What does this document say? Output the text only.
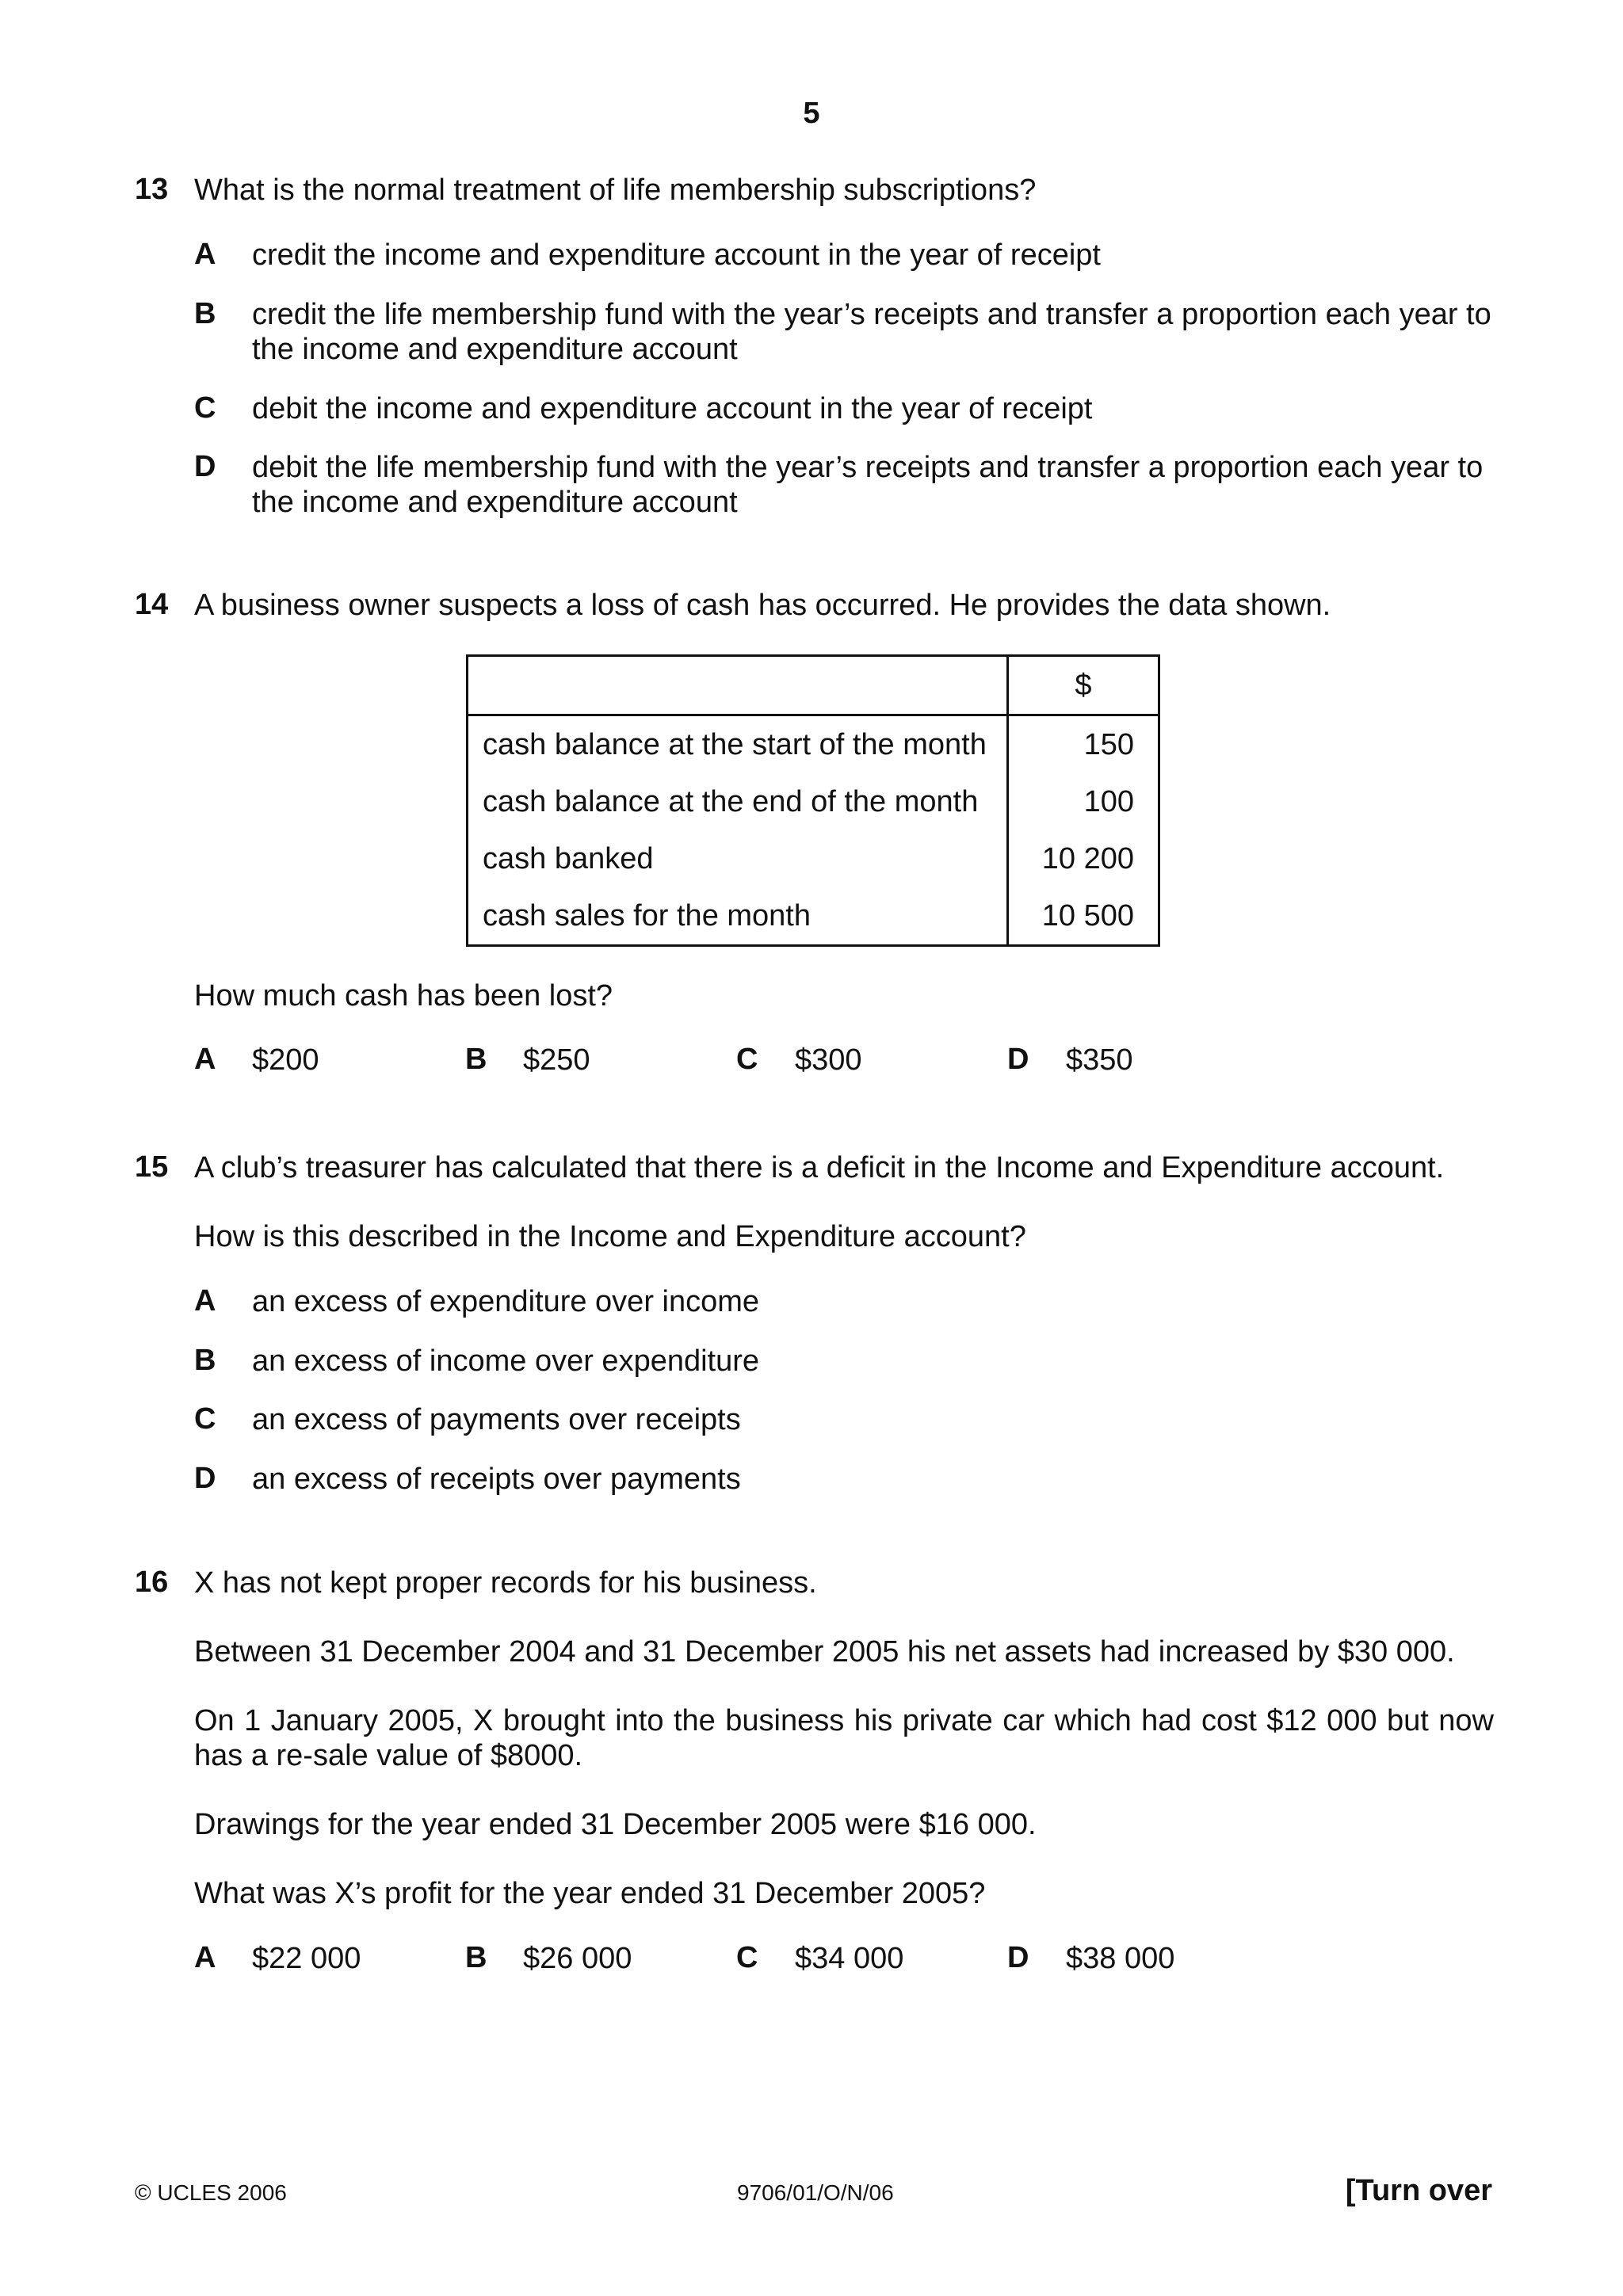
5
13 What is the normal treatment of life membership subscriptions?
A credit the income and expenditure account in the year of receipt
B credit the life membership fund with the year’s receipts and transfer a proportion each year to the income and expenditure account
C debit the income and expenditure account in the year of receipt
D debit the life membership fund with the year’s receipts and transfer a proportion each year to the income and expenditure account
14 A business owner suspects a loss of cash has occurred. He provides the data shown.
	$
cash balance at the start of the month	150
cash balance at the end of the month	100
cash banked	10 200
cash sales for the month	10 500
How much cash has been lost?
A $200	B $250	C $300	D $350
15 A club’s treasurer has calculated that there is a deficit in the Income and Expenditure account.
How is this described in the Income and Expenditure account?
A an excess of expenditure over income
B an excess of income over expenditure
C an excess of payments over receipts
D an excess of receipts over payments
16 X has not kept proper records for his business.
Between 31 December 2004 and 31 December 2005 his net assets had increased by $30 000.
On 1 January 2005, X brought into the business his private car which had cost $12 000 but now has a re-sale value of $8000.
Drawings for the year ended 31 December 2005 were $16 000.
What was X’s profit for the year ended 31 December 2005?
A $22 000	B $26 000	C $34 000	D $38 000
© UCLES 2006	9706/01/O/N/06	[Turn over
